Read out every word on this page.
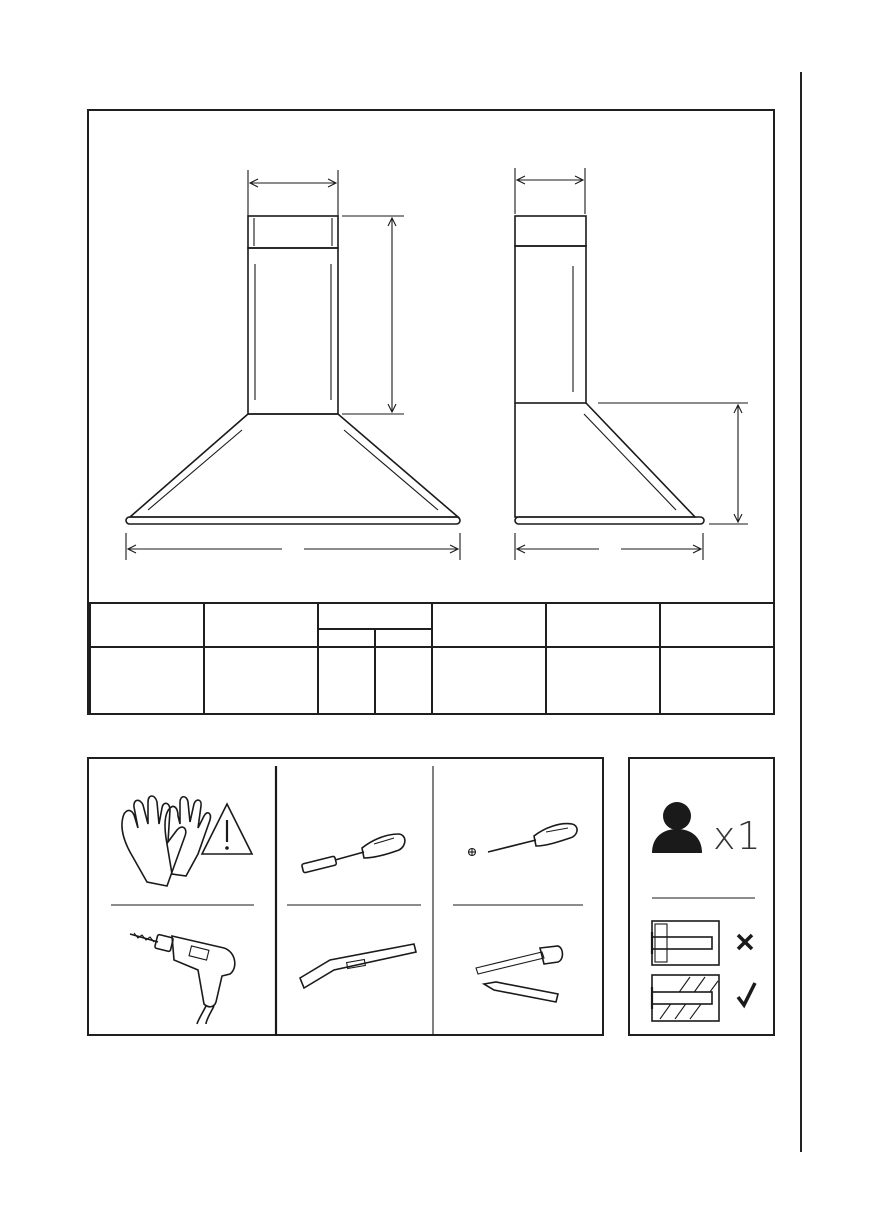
x1
